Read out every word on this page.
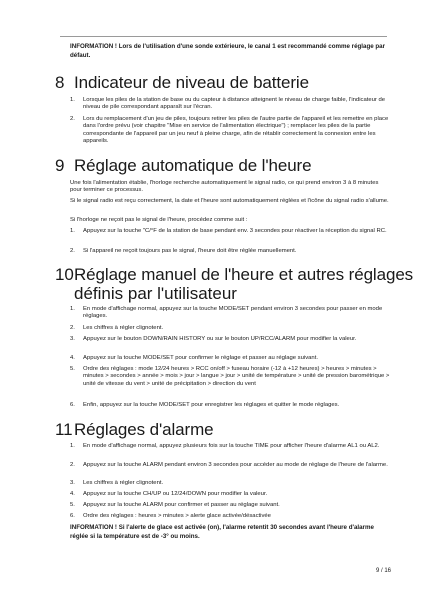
INFORMATION ! Lors de l'utilisation d'une sonde extérieure, le canal 1 est recommandé comme réglage par défaut.
8 Indicateur de niveau de batterie
1. Lorsque les piles de la station de base ou du capteur à distance atteignent le niveau de charge faible, l'indicateur de niveau de pile correspondant apparaît sur l'écran.
2. Lors du remplacement d'un jeu de piles, toujours retirer les piles de l'autre partie de l'appareil et les remettre en place dans l'ordre prévu (voir chapitre "Mise en service de l'alimentation électrique") ; remplacer les piles de la partie correspondante de l'appareil par un jeu neuf à pleine charge, afin de rétablir correctement la connexion entre les appareils.
9 Réglage automatique de l'heure
Une fois l'alimentation établie, l'horloge recherche automatiquement le signal radio, ce qui prend environ 3 à 8 minutes pour terminer ce processus.
Si le signal radio est reçu correctement, la date et l'heure sont automatiquement réglées et l'icône du signal radio s'allume.
Si l'horloge ne reçoit pas le signal de l'heure, procédez comme suit :
1. Appuyez sur la touche "C/°F de la station de base pendant env. 3 secondes pour réactiver la réception du signal RC.
2. Si l'appareil ne reçoit toujours pas le signal, l'heure doit être réglée manuellement.
10Réglage manuel de l'heure et autres réglages
définis par l'utilisateur
1. En mode d'affichage normal, appuyez sur la touche MODE/SET pendant environ 3 secondes pour passer en mode réglages.
2. Les chiffres à régler clignotent.
3. Appuyez sur le bouton DOWN/RAIN HISTORY ou sur le bouton UP/RCC/ALARM pour modifier la valeur.
4. Appuyez sur la touche MODE/SET pour confirmer le réglage et passer au réglage suivant.
5. Ordre des réglages : mode 12/24 heures > RCC on/off > fuseau horaire (-12 à +12 heures) > heures > minutes > minutes > secondes > année > mois > jour > langue > jour > unité de température > unité de pression barométrique > unité de vitesse du vent > unité de précipitation > direction du vent
6. Enfin, appuyez sur la touche MODE/SET pour enregistrer les réglages et quitter le mode réglages.
11Réglages d'alarme
1. En mode d'affichage normal, appuyez plusieurs fois sur la touche TIME pour afficher l'heure d'alarme AL1 ou AL2.
2. Appuyez sur la touche ALARM pendant environ 3 secondes pour accéder au mode de réglage de l'heure de l'alarme.
3. Les chiffres à régler clignotent.
4. Appuyez sur la touche CH/UP ou 12/24/DOWN pour modifier la valeur.
5. Appuyez sur la touche ALARM pour confirmer et passer au réglage suivant.
6. Ordre des réglages : heures > minutes > alerte glace activée/désactivée
INFORMATION ! Si l'alerte de glace est activée (on), l'alarme retentit 30 secondes avant l'heure d'alarme réglée si la température est de -3° ou moins.
9 / 16
